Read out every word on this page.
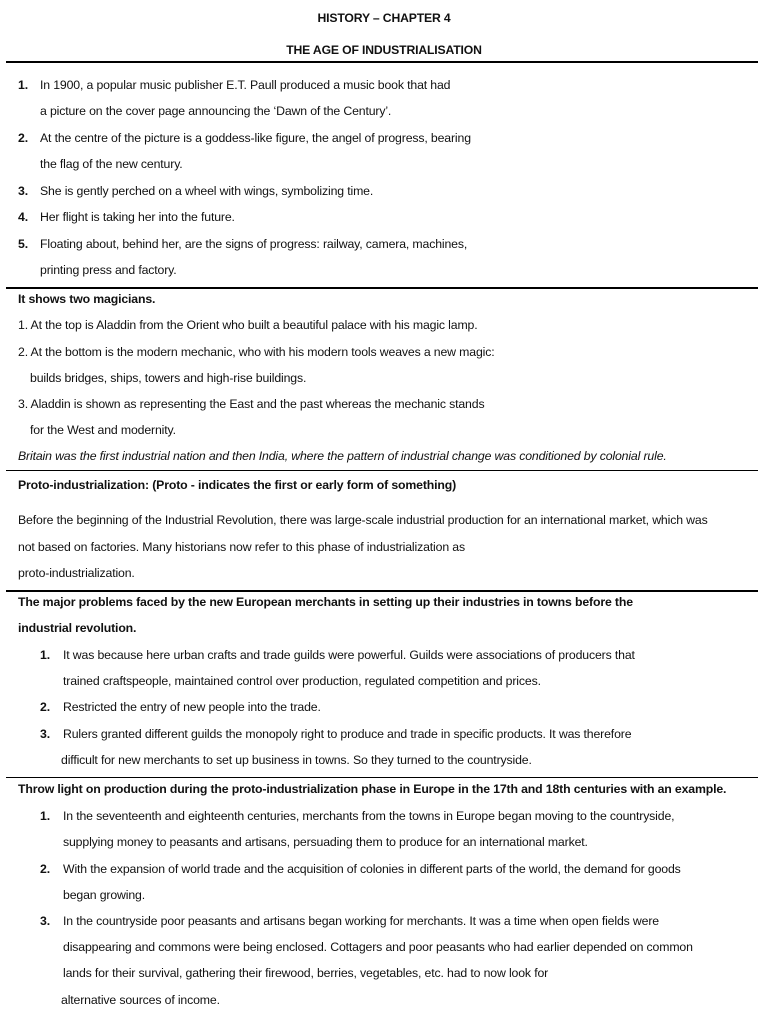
HISTORY – CHAPTER 4
THE AGE OF INDUSTRIALISATION
1. In 1900, a popular music publisher E.T. Paull produced a music book that had
a picture on the cover page announcing the ‘Dawn of the Century’.
2. At the centre of the picture is a goddess-like figure, the angel of progress, bearing
the flag of the new century.
3. She is gently perched on a wheel with wings, symbolizing time.
4. Her flight is taking her into the future.
5. Floating about, behind her, are the signs of progress: railway, camera, machines,
printing press and factory.
It shows two magicians.
1. At the top is Aladdin from the Orient who built a beautiful palace with his magic lamp.
2. At the bottom is the modern mechanic, who with his modern tools weaves a new magic:
builds bridges, ships, towers and high-rise buildings.
3. Aladdin is shown as representing the East and the past whereas the mechanic stands
for the West and modernity.
Britain was the first industrial nation and then India, where the pattern of industrial change was conditioned by colonial rule.
Proto-industrialization: (Proto - indicates the first or early form of something)
Before the beginning of the Industrial Revolution, there was large-scale industrial production for an international market, which was
not based on factories. Many historians now refer to this phase of industrialization as
proto-industrialization.
The major problems faced by the new European merchants in setting up their industries in towns before the
industrial revolution.
1. It was because here urban crafts and trade guilds were powerful. Guilds were associations of producers that
trained craftspeople, maintained control over production, regulated competition and prices.
2. Restricted the entry of new people into the trade.
3. Rulers granted different guilds the monopoly right to produce and trade in specific products. It was therefore
difficult for new merchants to set up business in towns. So they turned to the countryside.
Throw light on production during the proto-industrialization phase in Europe in the 17th and 18th centuries with an example.
1. In the seventeenth and eighteenth centuries, merchants from the towns in Europe began moving to the countryside,
supplying money to peasants and artisans, persuading them to produce for an international market.
2. With the expansion of world trade and the acquisition of colonies in different parts of the world, the demand for goods
began growing.
3. In the countryside poor peasants and artisans began working for merchants. It was a time when open fields were
disappearing and commons were being enclosed. Cottagers and poor peasants who had earlier depended on common
lands for their survival, gathering their firewood, berries, vegetables, etc. had to now look for
alternative sources of income.
